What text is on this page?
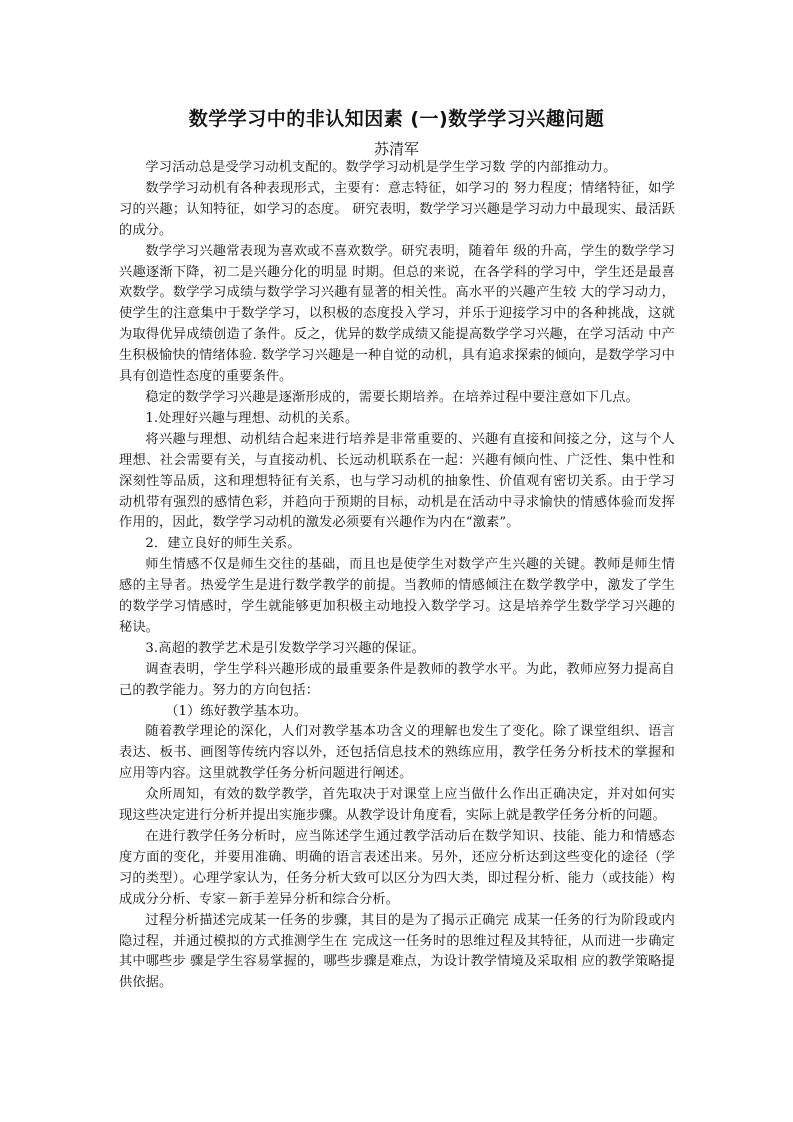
数学学习中的非认知因素 (一)数学学习兴趣问题
苏清军

学习活动总是受学习动机支配的。数学学习动机是学生学习数 学的内部推动力。

数学学习动机有各种表现形式，主要有：意志特征，如学习的 努力程度；情绪特征，如学习的兴趣；认知特征，如学习的态度。 研究表明，数学学习兴趣是学习动力中最现实、最活跃的成分。

数学学习兴趣常表现为喜欢或不喜欢数学。研究表明，随着年 级的升高，学生的数学学习兴趣逐渐下降，初二是兴趣分化的明显 时期。但总的来说，在各学科的学习中，学生还是最喜欢数学。数学学习成绩与数学学习兴趣有显著的相关性。高水平的兴趣产生较 大的学习动力，使学生的注意集中于数学学习，以积极的态度投入学习，并乐于迎接学习中的各种挑战，这就为取得优异成绩创造了条件。反之，优异的数学成绩又能提高数学学习兴趣，在学习活动 中产生积极愉快的情绪体验. 数学学习兴趣是一种自觉的动机，具有追求探索的倾向，是数学学习中具有创造性态度的重要条件。

稳定的数学学习兴趣是逐渐形成的，需要长期培养。在培养过程中要注意如下几点。

1.处理好兴趣与理想、动机的关系。

将兴趣与理想、动机结合起来进行培养是非常重要的、兴趣有直接和间接之分，这与个人理想、社会需要有关，与直接动机、长远动机联系在一起：兴趣有倾向性、广泛性、集中性和深刻性等品质，这和理想特征有关系，也与学习动机的抽象性、价值观有密切关系。由于学习动机带有强烈的感情色彩，并趋向于预期的目标，动机是在活动中寻求愉快的情感体验而发挥作用的，因此，数学学习动机的激发必须要有兴趣作为内在“激素”。

2．建立良好的师生关系。

师生情感不仅是师生交往的基础，而且也是使学生对数学产生兴趣的关键。教师是师生情感的主导者。热爱学生是进行数学教学的前提。当教师的情感倾注在数学教学中，激发了学生的数学学习情感时，学生就能够更加积极主动地投入数学学习。这是培养学生数学学习兴趣的秘诀。

3.高超的教学艺术是引发数学学习兴趣的保证。

调查表明，学生学科兴趣形成的最重要条件是教师的教学水平。为此，教师应努力提高自己的教学能力。努力的方向包括：

（1）练好教学基本功。

随着教学理论的深化，人们对教学基本功含义的理解也发生了变化。除了课堂组织、语言表达、板书、画图等传统内容以外，还包括信息技术的熟练应用，教学任务分析技术的掌握和应用等内容。这里就教学任务分析问题进行阐述。

众所周知，有效的数学教学，首先取决于对课堂上应当做什么作出正确决定，并对如何实现这些决定进行分析并提出实施步骤。从教学设计角度看，实际上就是教学任务分析的问题。

在进行教学任务分析时，应当陈述学生通过教学活动后在数学知识、技能、能力和情感态度方面的变化，并要用准确、明确的语言表述出来。另外，还应分析达到这些变化的途径（学习的类型）。心理学家认为，任务分析大致可以区分为四大类，即过程分析、能力（或技能）构成成分分析、专家－新手差异分析和综合分析。

过程分析描述完成某一任务的步骤，其目的是为了揭示正确完 成某一任务的行为阶段或内隐过程，并通过模拟的方式推测学生在 完成这一任务时的思维过程及其特征，从而进一步确定其中哪些步 骤是学生容易掌握的，哪些步骤是难点，为设计教学情境及采取相 应的教学策略提供依据。
